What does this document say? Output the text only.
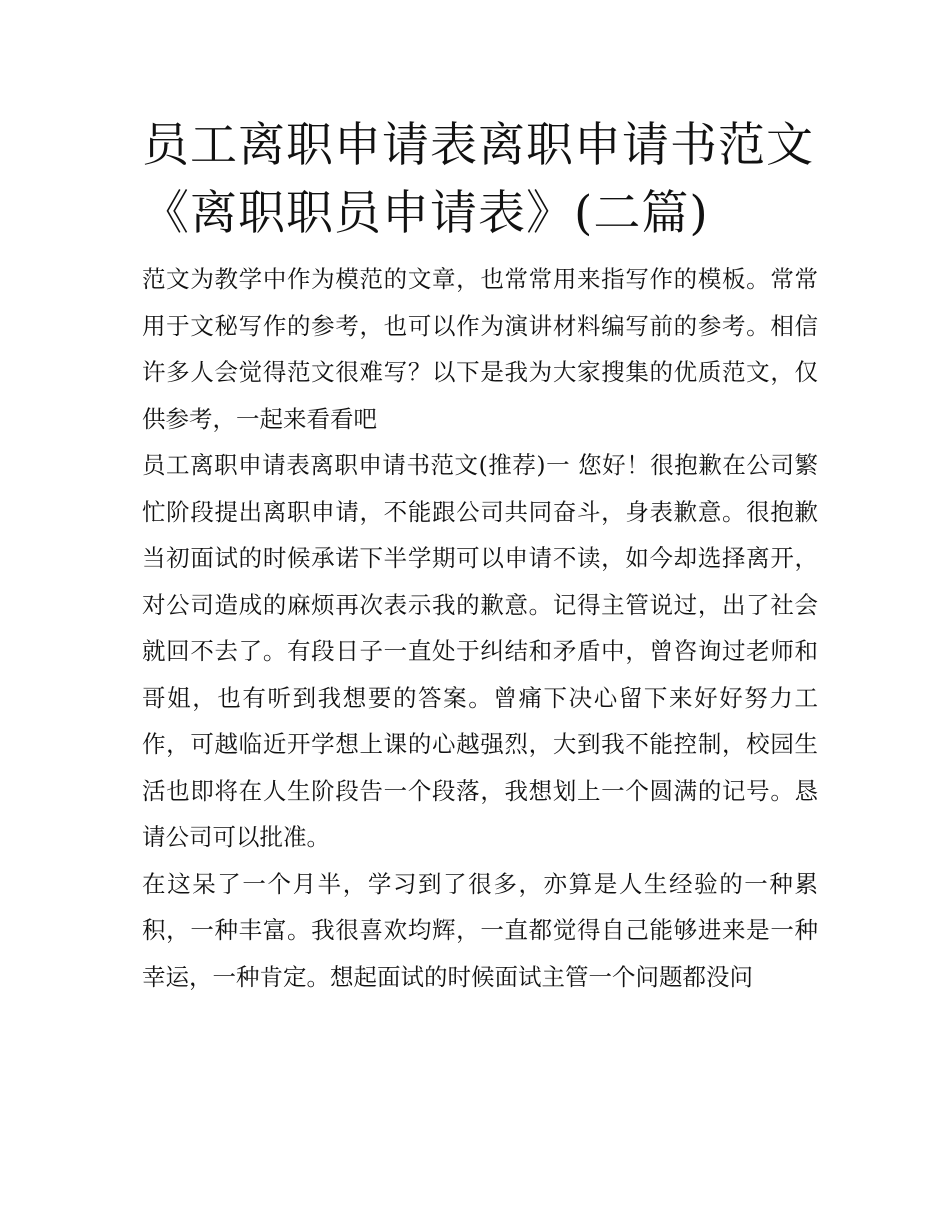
员工离职申请表离职申请书范文 《离职职员申请表》(二篇)

范文为教学中作为模范的文章，也常常用来指写作的模板。常常用于文秘写作的参考，也可以作为演讲材料编写前的参考。相信许多人会觉得范文很难写？以下是我为大家搜集的优质范文，仅供参考，一起来看看吧

员工离职申请表离职申请书范文(推荐)一 您好！很抱歉在公司繁忙阶段提出离职申请，不能跟公司共同奋斗，身表歉意。很抱歉当初面试的时候承诺下半学期可以申请不读，如今却选择离开，对公司造成的麻烦再次表示我的歉意。记得主管说过，出了社会就回不去了。有段日子一直处于纠结和矛盾中，曾咨询过老师和哥姐，也有听到我想要的答案。曾痛下决心留下来好好努力工作，可越临近开学想上课的心越强烈，大到我不能控制，校园生活也即将在人生阶段告一个段落，我想划上一个圆满的记号。恳请公司可以批准。

在这呆了一个月半，学习到了很多，亦算是人生经验的一种累积，一种丰富。我很喜欢均辉，一直都觉得自己能够进来是一种幸运，一种肯定。想起面试的时候面试主管一个问题都没问
